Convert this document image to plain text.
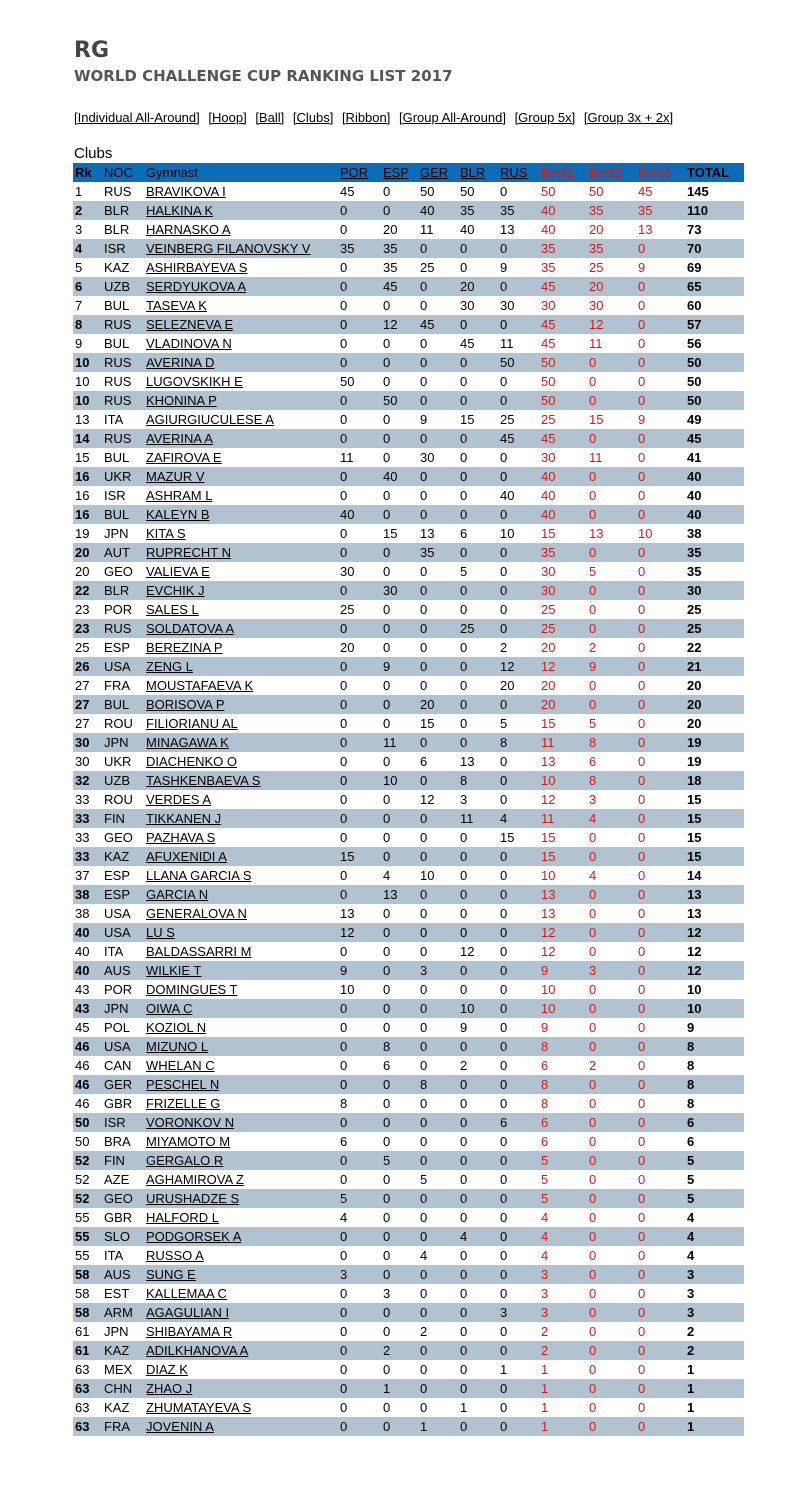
RG
WORLD CHALLENGE CUP RANKING LIST 2017
[Individual All-Around] [Hoop] [Ball] [Clubs] [Ribbon] [Group All-Around] [Group 5x] [Group 3x + 2x]
Clubs
Rk	NOC	Gymnast	POR	ESP	GER	BLR	RUS	Best1	Best2	Best3	TOTAL
1	RUS	BRAVIKOVA I	45	0	50	50	0	50	50	45	145
2	BLR	HALKINA K	0	0	40	35	35	40	35	35	110
3	BLR	HARNASKO A	0	20	11	40	13	40	20	13	73
4	ISR	VEINBERG FILANOVSKY V	35	35	0	0	0	35	35	0	70
5	KAZ	ASHIRBAYEVA S	0	35	25	0	9	35	25	9	69
6	UZB	SERDYUKOVA A	0	45	0	20	0	45	20	0	65
7	BUL	TASEVA K	0	0	0	30	30	30	30	0	60
8	RUS	SELEZNEVA E	0	12	45	0	0	45	12	0	57
9	BUL	VLADINOVA N	0	0	0	45	11	45	11	0	56
10	RUS	AVERINA D	0	0	0	0	50	50	0	0	50
10	RUS	LUGOVSKIKH E	50	0	0	0	0	50	0	0	50
10	RUS	KHONINA P	0	50	0	0	0	50	0	0	50
13	ITA	AGIURGIUCULESE A	0	0	9	15	25	25	15	9	49
14	RUS	AVERINA A	0	0	0	0	45	45	0	0	45
15	BUL	ZAFIROVA E	11	0	30	0	0	30	11	0	41
16	UKR	MAZUR V	0	40	0	0	0	40	0	0	40
16	ISR	ASHRAM L	0	0	0	0	40	40	0	0	40
16	BUL	KALEYN B	40	0	0	0	0	40	0	0	40
19	JPN	KITA S	0	15	13	6	10	15	13	10	38
20	AUT	RUPRECHT N	0	0	35	0	0	35	0	0	35
20	GEO	VALIEVA E	30	0	0	5	0	30	5	0	35
22	BLR	EVCHIK J	0	30	0	0	0	30	0	0	30
23	POR	SALES L	25	0	0	0	0	25	0	0	25
23	RUS	SOLDATOVA A	0	0	0	25	0	25	0	0	25
25	ESP	BEREZINA P	20	0	0	0	2	20	2	0	22
26	USA	ZENG L	0	9	0	0	12	12	9	0	21
27	FRA	MOUSTAFAEVA K	0	0	0	0	20	20	0	0	20
27	BUL	BORISOVA P	0	0	20	0	0	20	0	0	20
27	ROU	FILIORIANU AL	0	0	15	0	5	15	5	0	20
30	JPN	MINAGAWA K	0	11	0	0	8	11	8	0	19
30	UKR	DIACHENKO O	0	0	6	13	0	13	6	0	19
32	UZB	TASHKENBAEVA S	0	10	0	8	0	10	8	0	18
33	ROU	VERDES A	0	0	12	3	0	12	3	0	15
33	FIN	TIKKANEN J	0	0	0	11	4	11	4	0	15
33	GEO	PAZHAVA S	0	0	0	0	15	15	0	0	15
33	KAZ	AFUXENIDI A	15	0	0	0	0	15	0	0	15
37	ESP	LLANA GARCIA S	0	4	10	0	0	10	4	0	14
38	ESP	GARCIA N	0	13	0	0	0	13	0	0	13
38	USA	GENERALOVA N	13	0	0	0	0	13	0	0	13
40	USA	LU S	12	0	0	0	0	12	0	0	12
40	ITA	BALDASSARRI M	0	0	0	12	0	12	0	0	12
40	AUS	WILKIE T	9	0	3	0	0	9	3	0	12
43	POR	DOMINGUES T	10	0	0	0	0	10	0	0	10
43	JPN	OIWA C	0	0	0	10	0	10	0	0	10
45	POL	KOZIOL N	0	0	0	9	0	9	0	0	9
46	USA	MIZUNO L	0	8	0	0	0	8	0	0	8
46	CAN	WHELAN C	0	6	0	2	0	6	2	0	8
46	GER	PESCHEL N	0	0	8	0	0	8	0	0	8
46	GBR	FRIZELLE G	8	0	0	0	0	8	0	0	8
50	ISR	VORONKOV N	0	0	0	0	6	6	0	0	6
50	BRA	MIYAMOTO M	6	0	0	0	0	6	0	0	6
52	FIN	GERGALO R	0	5	0	0	0	5	0	0	5
52	AZE	AGHAMIROVA Z	0	0	5	0	0	5	0	0	5
52	GEO	URUSHADZE S	5	0	0	0	0	5	0	0	5
55	GBR	HALFORD L	4	0	0	0	0	4	0	0	4
55	SLO	PODGORSEK A	0	0	0	4	0	4	0	0	4
55	ITA	RUSSO A	0	0	4	0	0	4	0	0	4
58	AUS	SUNG E	3	0	0	0	0	3	0	0	3
58	EST	KALLEMAA C	0	3	0	0	0	3	0	0	3
58	ARM	AGAGULIAN I	0	0	0	0	3	3	0	0	3
61	JPN	SHIBAYAMA R	0	0	2	0	0	2	0	0	2
61	KAZ	ADILKHANOVA A	0	2	0	0	0	2	0	0	2
63	MEX	DIAZ K	0	0	0	0	1	1	0	0	1
63	CHN	ZHAO J	0	1	0	0	0	1	0	0	1
63	KAZ	ZHUMATAYEVA S	0	0	0	1	0	1	0	0	1
63	FRA	JOVENIN A	0	0	1	0	0	1	0	0	1
